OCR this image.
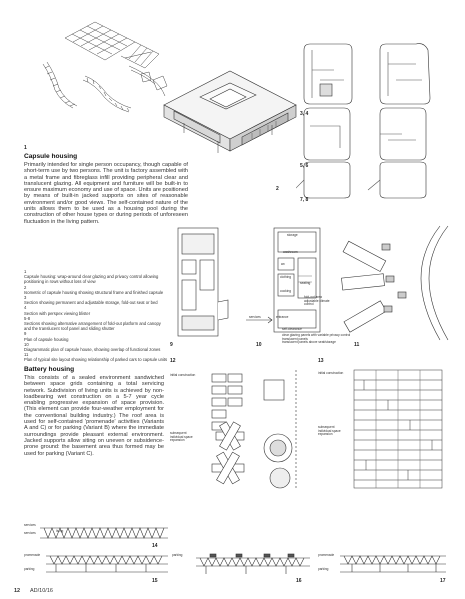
2
3, 4
5, 6
7, 8
1
Capsule housing
Primarily intended for single person occupancy, though capable of short-term use by two persons. The unit is factory assembled with a metal frame and fibreglass infill providing peripheral clear and translucent glazing. All equipment and furniture will be built-in to ensure maximum economy and use of space. Units are positioned by means of built-in jacked supports on sites of reasonable environment and/or good views. The self-contained nature of the units allows them to be used as a housing pool during the construction of other house types or during periods of unforeseen fluctuation in the living pattern.
1
Capsule housing: wrap-around clear glazing and privacy control allowing positioning in rows without loss of view
2
Isometric of capsule housing showing structural frame and finished capsule
3
Section showing permanent and adjustable storage, fold-out seat or bed
4
Section with perspex viewing blister
5-8
Sections showing alternative arrangement of fold-out platform and canopy and the translucent roof panel and sliding shutter
9
Plan of capsule housing
10
Diagrammatic plan of capsule house, showing overlap of functional zones
11
Plan of typical site layout showing relationship of parked cars to capsule units
9
storage
washroom
wc
clothing
seating
cooking
fold-out area adjustable climate control
services	entrance
self-clearance
clear glazing panels with variable privacy control
translucent panels
translucent panels above seat/storage
10	11
Battery housing
This consists of a sealed environment sandwiched between space grids containing a total servicing network. Subdivision of living units is achieved by non-loadbearing wet construction on a 5-7 year cycle enabling progressive expansion of space provision. (This element can provide four-weather employment for the conventional building industry.) The roof area is used for self-contained 'promenade' activities (Variants A and C) or for parking (Variant B) where the immediate surroundings provide pleasant external environment. Jacked supports allow siting on uneven or subsidence-prone ground: the basement area thus formed may be used for parking (Variant C).
12
initial construction
subsequent individual space expansion
16
13
initial construction
subsequent individual space expansion
services
services	living
14
promenade
parking
15
parking	promenade
parking
17
12 AD/10/16
